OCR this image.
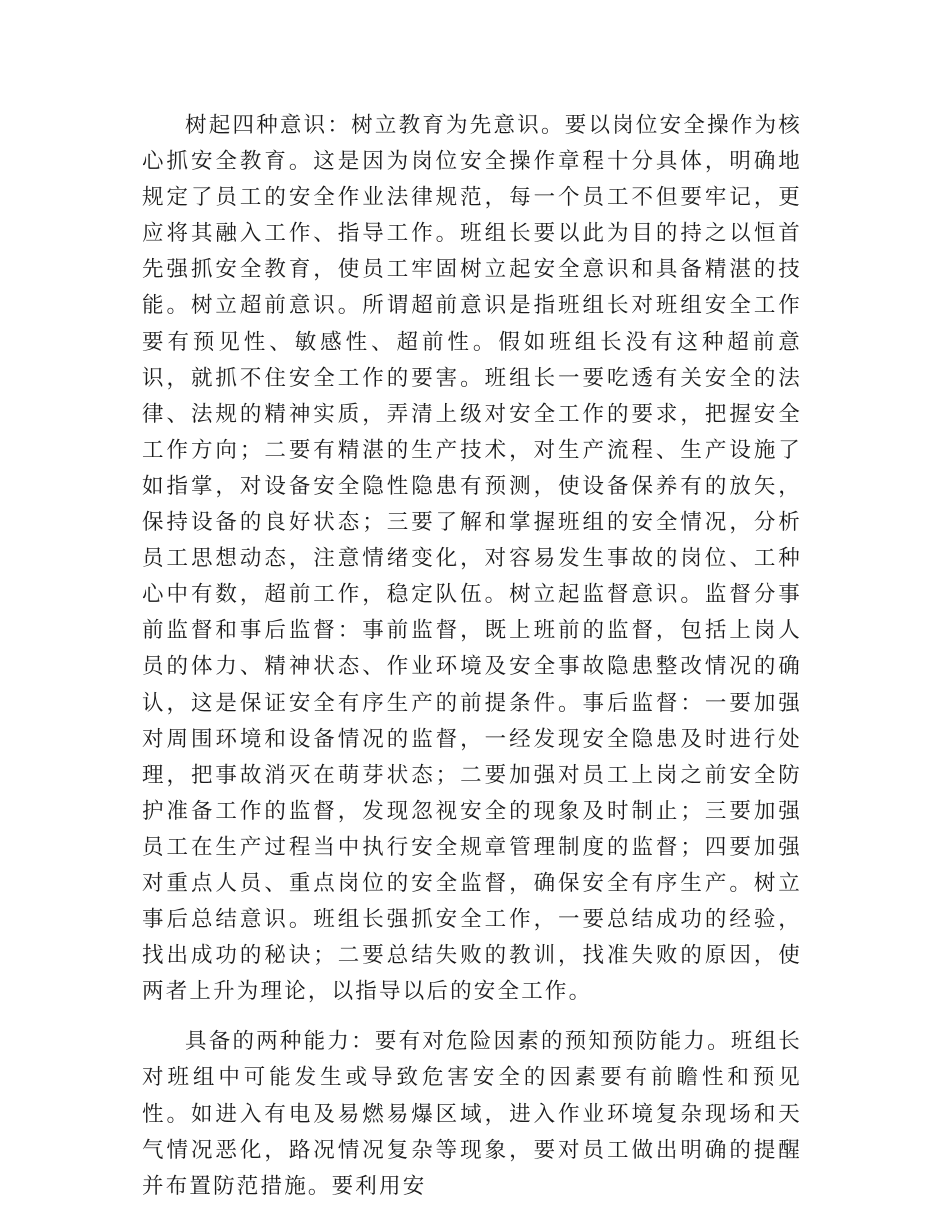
树起四种意识：树立教育为先意识。要以岗位安全操作为核心抓安全教育。这是因为岗位安全操作章程十分具体，明确地规定了员工的安全作业法律规范，每一个员工不但要牢记，更应将其融入工作、指导工作。班组长要以此为目的持之以恒首先强抓安全教育，使员工牢固树立起安全意识和具备精湛的技能。树立超前意识。所谓超前意识是指班组长对班组安全工作要有预见性、敏感性、超前性。假如班组长没有这种超前意识，就抓不住安全工作的要害。班组长一要吃透有关安全的法律、法规的精神实质，弄清上级对安全工作的要求，把握安全工作方向；二要有精湛的生产技术，对生产流程、生产设施了如指掌，对设备安全隐性隐患有预测，使设备保养有的放矢，保持设备的良好状态；三要了解和掌握班组的安全情况，分析员工思想动态，注意情绪变化，对容易发生事故的岗位、工种心中有数，超前工作，稳定队伍。树立起监督意识。监督分事前监督和事后监督：事前监督，既上班前的监督，包括上岗人员的体力、精神状态、作业环境及安全事故隐患整改情况的确认，这是保证安全有序生产的前提条件。事后监督：一要加强对周围环境和设备情况的监督，一经发现安全隐患及时进行处理，把事故消灭在萌芽状态；二要加强对员工上岗之前安全防护准备工作的监督，发现忽视安全的现象及时制止；三要加强员工在生产过程当中执行安全规章管理制度的监督；四要加强对重点人员、重点岗位的安全监督，确保安全有序生产。树立事后总结意识。班组长强抓安全工作，一要总结成功的经验，找出成功的秘诀；二要总结失败的教训，找准失败的原因，使两者上升为理论，以指导以后的安全工作。

具备的两种能力：要有对危险因素的预知预防能力。班组长对班组中可能发生或导致危害安全的因素要有前瞻性和预见性。如进入有电及易燃易爆区域，进入作业环境复杂现场和天气情况恶化，路况情况复杂等现象，要对员工做出明确的提醒并布置防范措施。要利用安
